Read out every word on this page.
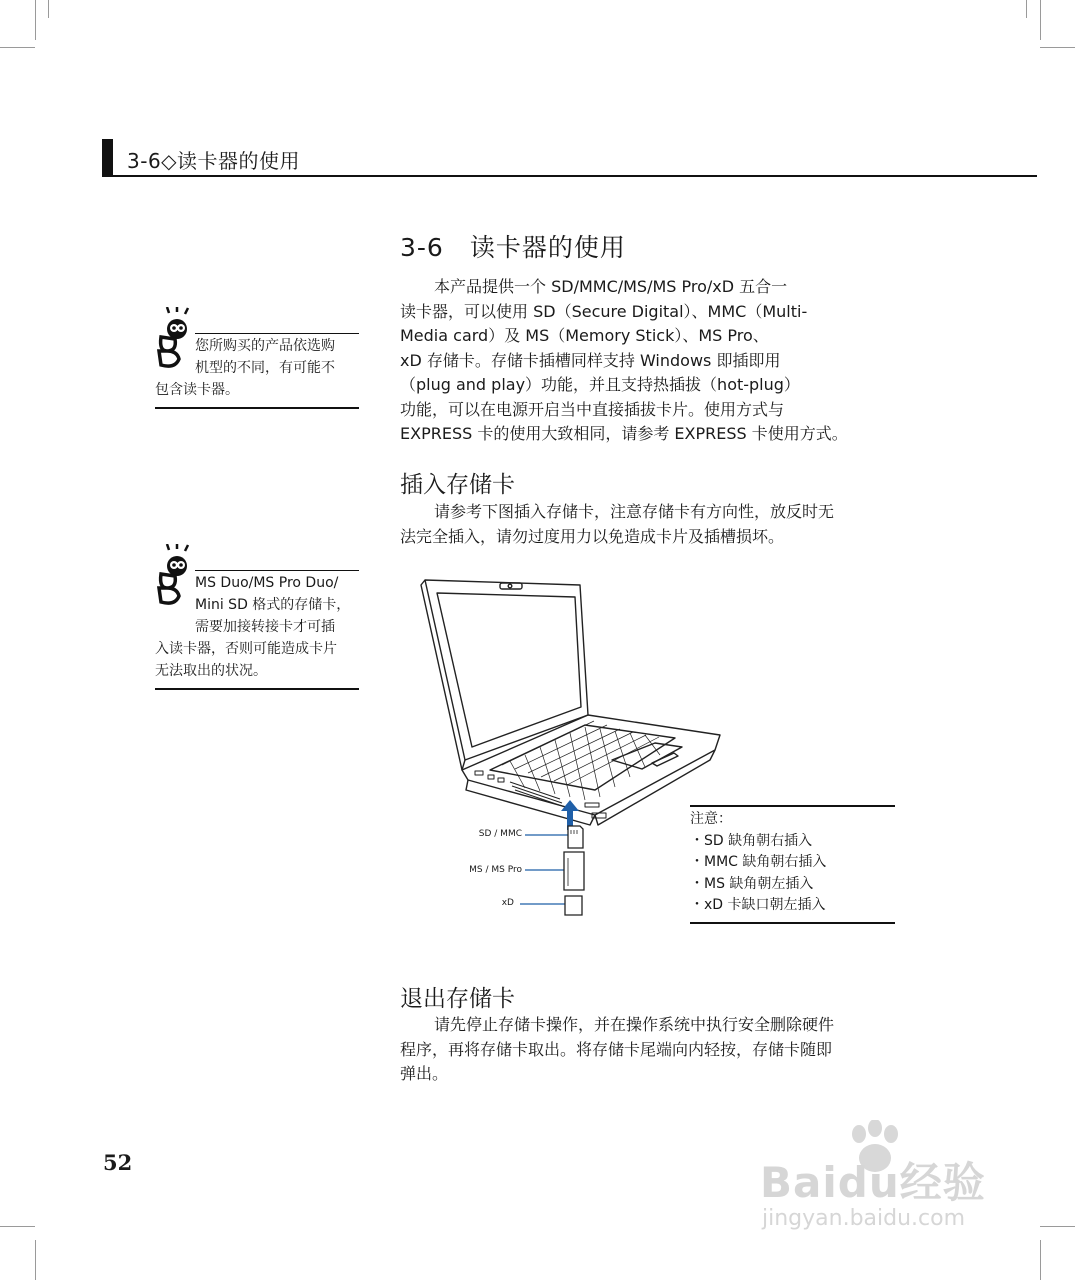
3-6◇读卡器的使用
3-6　读卡器的使用
本产品提供一个 SD/MMC/MS/MS Pro/xD 五合一
读卡器，可以使用 SD（Secure Digital）、MMC（Multi-
Media card）及 MS（Memory Stick）、MS Pro、
xD 存储卡。存储卡插槽同样支持 Windows 即插即用
（plug and play）功能，并且支持热插拔（hot-plug）
功能，可以在电源开启当中直接插拔卡片。使用方式与
EXPRESS 卡的使用大致相同，请参考 EXPRESS 卡使用方式。
插入存储卡
请参考下图插入存储卡，注意存储卡有方向性，放反时无
法完全插入，请勿过度用力以免造成卡片及插槽损坏。
您所购买的产品依选购
机型的不同，有可能不
包含读卡器。
MS Duo/MS Pro Duo/
Mini SD 格式的存储卡，
需要加接转接卡才可插
入读卡器，否则可能造成卡片
无法取出的状况。
SD / MMC
MS / MS Pro
xD
注意：
・SD 缺角朝右插入
・MMC 缺角朝右插入
・MS 缺角朝左插入
・xD 卡缺口朝左插入
退出存储卡
请先停止存储卡操作，并在操作系统中执行安全删除硬件
程序，再将存储卡取出。将存储卡尾端向内轻按，存储卡随即
弹出。
52	Baidu经验
jingyan.baidu.com
